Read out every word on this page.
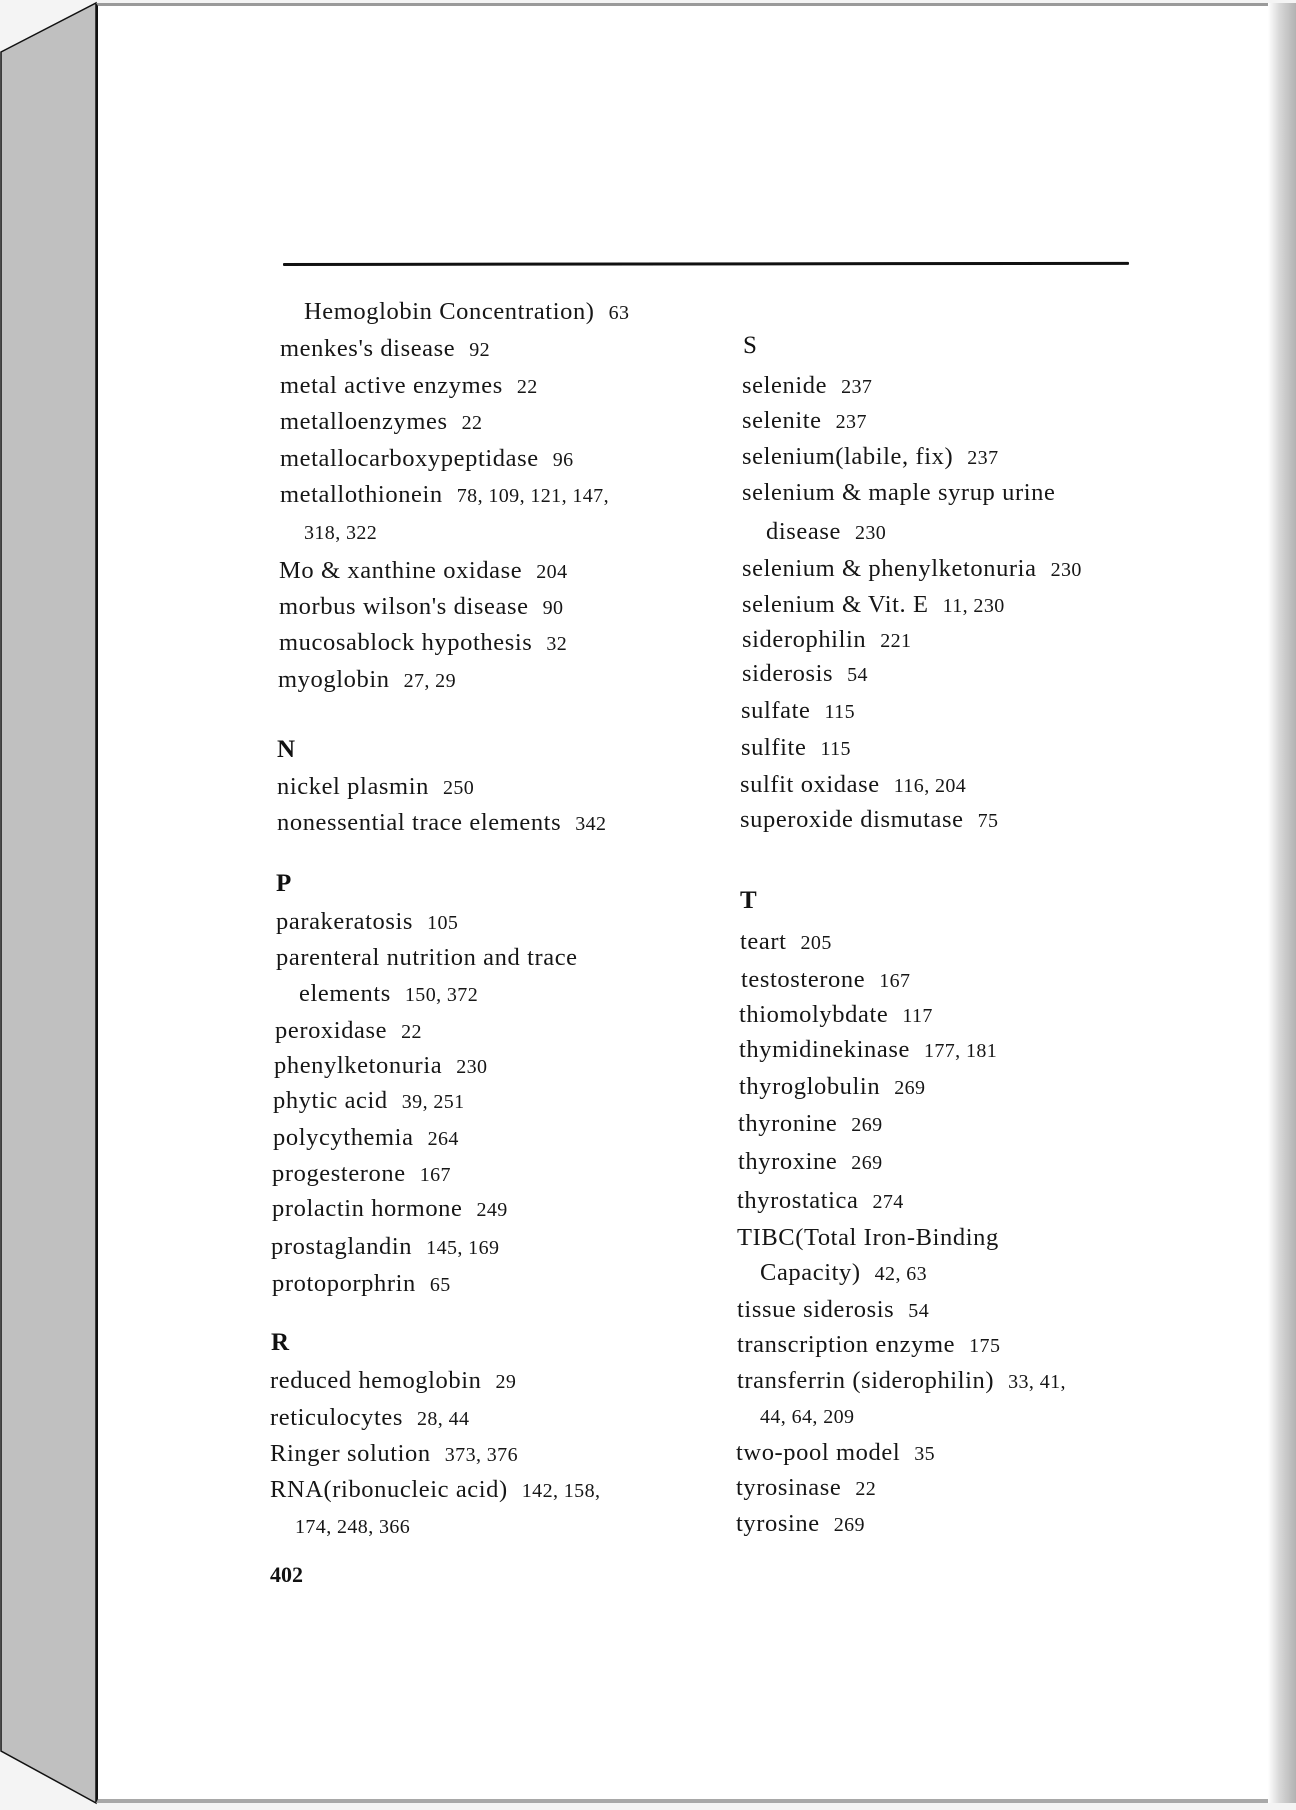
N
P
R
Hemoglobin Concentration) 63
menkes's disease 92
metal active enzymes 22
metalloenzymes 22
metallocarboxypeptidase 96
metallothionein 78, 109, 121, 147,
318, 322
Mo & xanthine oxidase 204
morbus wilson's disease 90
mucosablock hypothesis 32
myoglobin 27, 29
nickel plasmin 250
nonessential trace elements 342
parakeratosis 105
parenteral nutrition and trace
elements 150, 372
peroxidase 22
phenylketonuria 230
phytic acid 39, 251
polycythemia 264
progesterone 167
prolactin hormone 249
prostaglandin 145, 169
protoporphrin 65
reduced hemoglobin 29
reticulocytes 28, 44
Ringer solution 373, 376
RNA(ribonucleic acid) 142, 158,
174, 248, 366
S
T
selenide 237
selenite 237
selenium(labile, fix) 237
selenium & maple syrup urine
disease 230
selenium & phenylketonuria 230
selenium & Vit. E 11, 230
siderophilin 221
siderosis 54
sulfate 115
sulfite 115
sulfit oxidase 116, 204
superoxide dismutase 75
teart 205
testosterone 167
thiomolybdate 117
thymidinekinase 177, 181
thyroglobulin 269
thyronine 269
thyroxine 269
thyrostatica 274
TIBC(Total Iron-Binding
Capacity) 42, 63
tissue siderosis 54
transcription enzyme 175
transferrin (siderophilin) 33, 41,
44, 64, 209
two-pool model 35
tyrosinase 22
tyrosine 269
402
